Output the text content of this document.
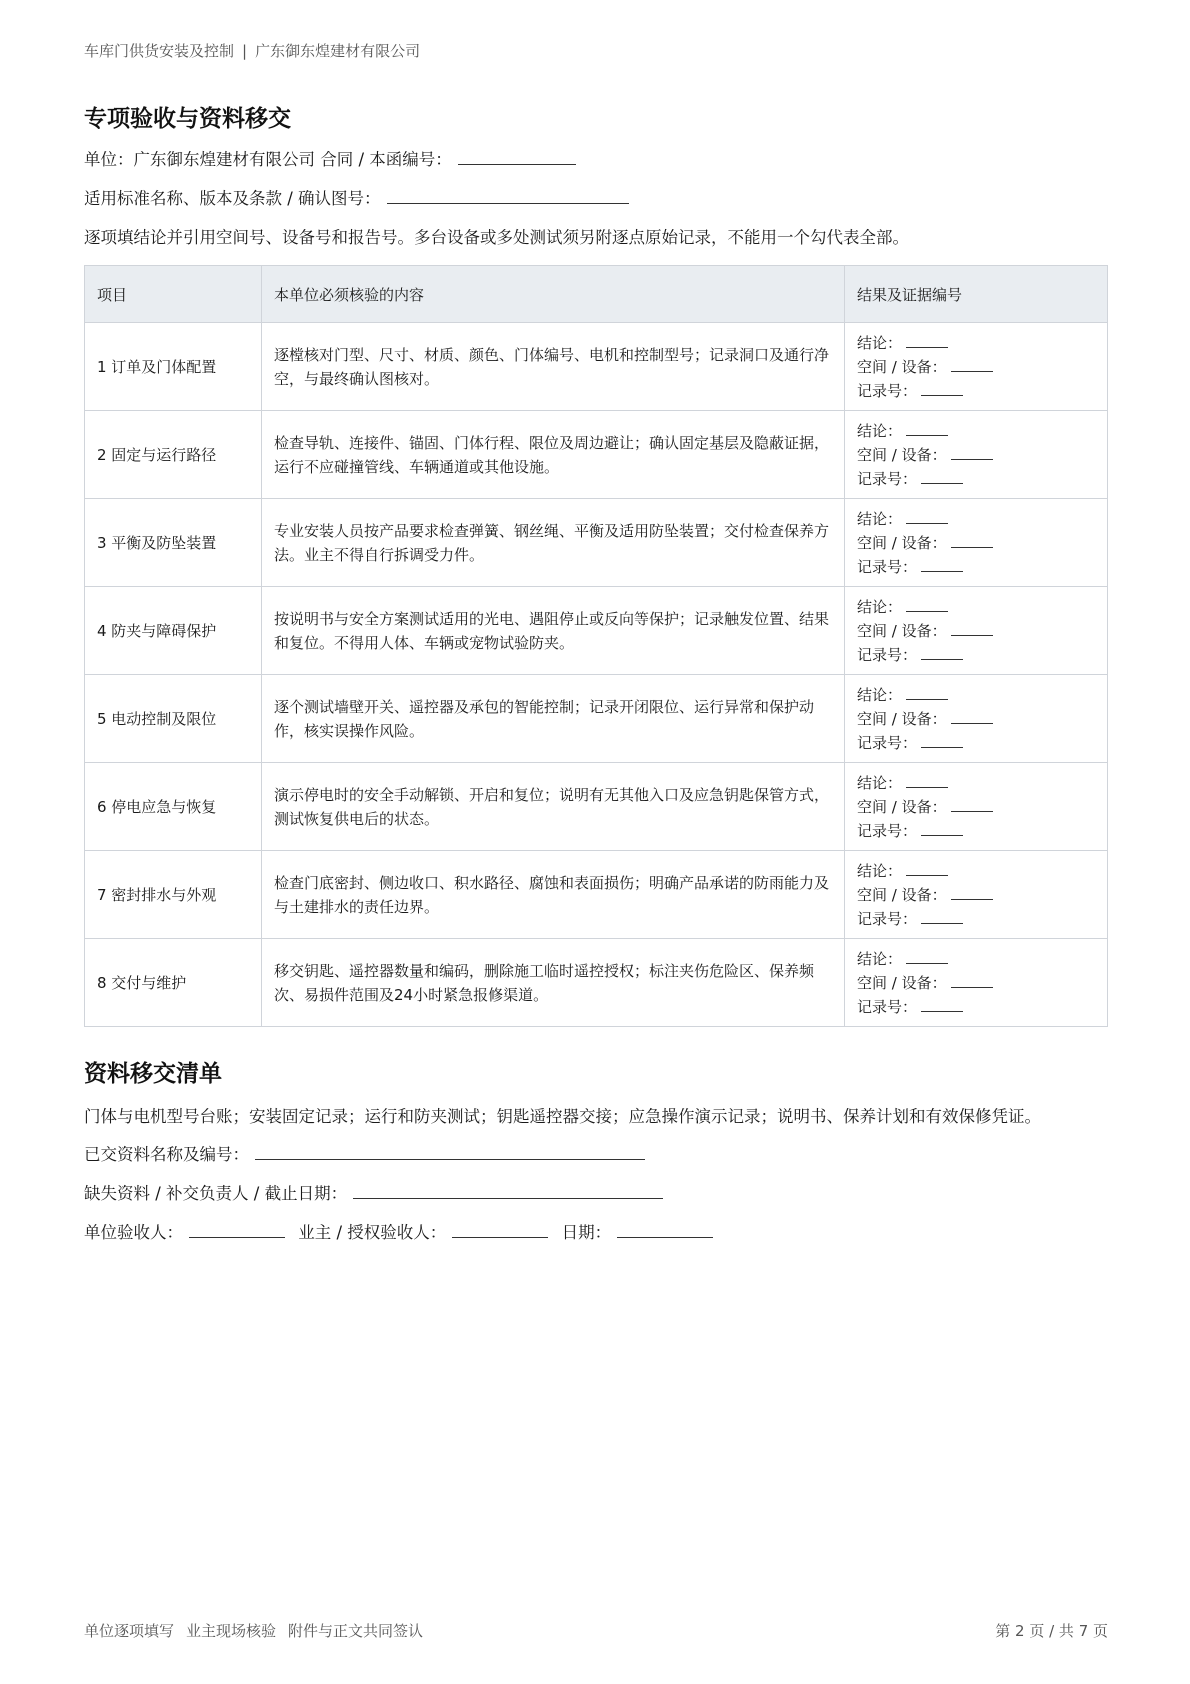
车库门供货安装及控制 | 广东御东煌建材有限公司
专项验收与资料移交
单位：广东御东煌建材有限公司 合同 / 本函编号：
适用标准名称、版本及条款 / 确认图号：
逐项填结论并引用空间号、设备号和报告号。多台设备或多处测试须另附逐点原始记录，不能用一个勾代表全部。
项目	本单位必须核验的内容	结果及证据编号
1 订单及门体配置	逐樘核对门型、尺寸、材质、颜色、门体编号、电机和控制型号；记录洞口及通行净空，与最终确认图核对。	结论：
空间 / 设备：
记录号：

2 固定与运行路径	检查导轨、连接件、锚固、门体行程、限位及周边避让；确认固定基层及隐蔽证据，运行不应碰撞管线、车辆通道或其他设施。	结论：
空间 / 设备：
记录号：

3 平衡及防坠装置	专业安装人员按产品要求检查弹簧、钢丝绳、平衡及适用防坠装置；交付检查保养方法。业主不得自行拆调受力件。	结论：
空间 / 设备：
记录号：

4 防夹与障碍保护	按说明书与安全方案测试适用的光电、遇阻停止或反向等保护；记录触发位置、结果和复位。不得用人体、车辆或宠物试验防夹。	结论：
空间 / 设备：
记录号：

5 电动控制及限位	逐个测试墙壁开关、遥控器及承包的智能控制；记录开闭限位、运行异常和保护动作，核实误操作风险。	结论：
空间 / 设备：
记录号：

6 停电应急与恢复	演示停电时的安全手动解锁、开启和复位；说明有无其他入口及应急钥匙保管方式，测试恢复供电后的状态。	结论：
空间 / 设备：
记录号：

7 密封排水与外观	检查门底密封、侧边收口、积水路径、腐蚀和表面损伤；明确产品承诺的防雨能力及与土建排水的责任边界。	结论：
空间 / 设备：
记录号：

8 交付与维护	移交钥匙、遥控器数量和编码，删除施工临时遥控授权；标注夹伤危险区、保养频次、易损件范围及24小时紧急报修渠道。	结论：
空间 / 设备：
记录号：
资料移交清单
门体与电机型号台账；安装固定记录；运行和防夹测试；钥匙遥控器交接；应急操作演示记录；说明书、保养计划和有效保修凭证。
已交资料名称及编号：
缺失资料 / 补交负责人 / 截止日期：
单位验收人：	业主 / 授权验收人：	日期：
单位逐项填写 业主现场核验 附件与正文共同签认	第 2 页 / 共 7 页
